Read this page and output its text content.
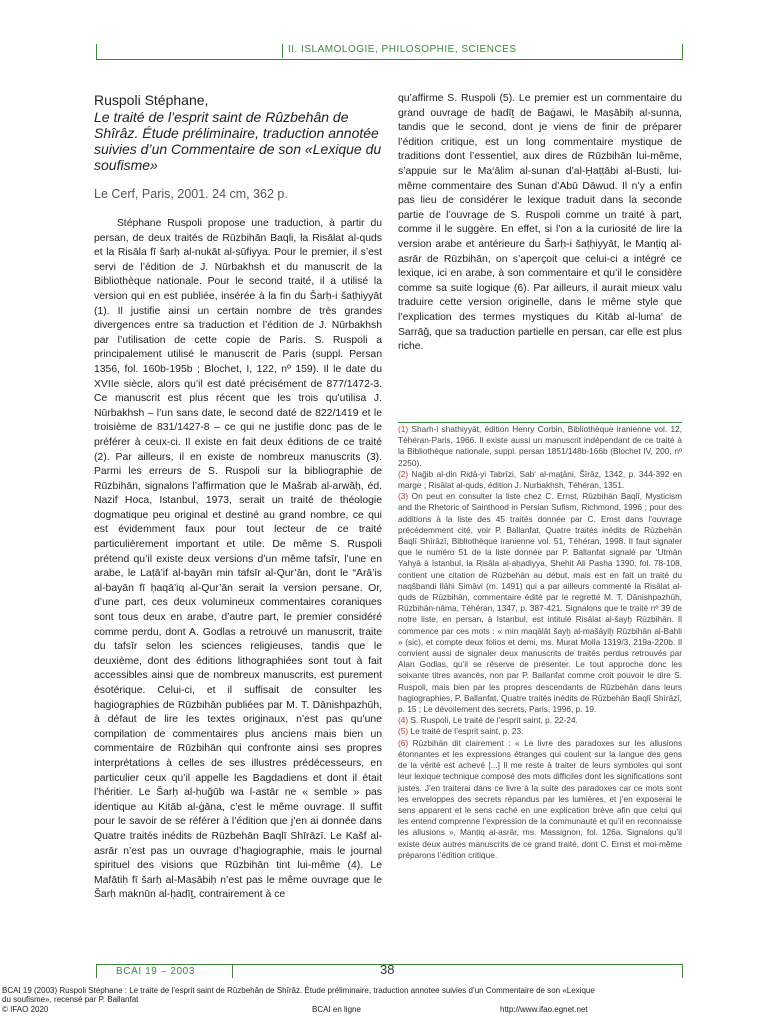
II. ISLAMOLOGIE, PHILOSOPHIE, SCIENCES
Ruspoli Stéphane,
Le traité de l’esprit saint de Rûzbehân de Shîrâz. Étude préliminaire, traduction annotée suivies d’un Commentaire de son «Lexique du soufisme»
Le Cerf, Paris, 2001. 24 cm, 362 p.

Stéphane Ruspoli propose une traduction, à partir du persan, de deux traités de Rūzbihān Baqli, la Risālat al-quds et la Risāla fī šarḥ al-nukāt al-ṣūfiyya. Pour le premier, il s’est servi de l’édition de J. Nūrbakhsh et du manuscrit de la Bibliothèque nationale. Pour le second traité, il a utilisé la version qui en est publiée, insérée à la fin du Šarḥ-i šaṭḥiyyāt (1). Il justifie ainsi un certain nombre de très grandes divergences entre sa traduction et l’édition de J. Nūrbakhsh par l’utilisation de cette copie de Paris. S. Ruspoli a principalement utilisé le manuscrit de Paris (suppl. Persan 1356, fol. 160b-195b ; Blochet, I, 122, nº 159). Il le date du XVIIe siècle, alors qu’il est daté précisément de 877/1472-3. Ce manuscrit est plus récent que les trois qu’utilisa J. Nūrbakhsh – l’un sans date, le second daté de 822/1419 et le troisième de 831/1427-8 – ce qui ne justifie donc pas de le préférer à ceux-ci. Il existe en fait deux éditions de ce traité (2). Par ailleurs, il en existe de nombreux manuscrits (3). Parmi les erreurs de S. Ruspoli sur la bibliographie de Rūzbihān, signalons l’affirmation que le Mašrab al-arwāḥ, éd. Nazif Hoca, Istanbul, 1973, serait un traité de théologie dogmatique peu original et destiné au grand nombre, ce qui est évidemment faux pour tout lecteur de ce traité particulièrement important et utile. De même S. Ruspoli prétend qu’il existe deux versions d’un même tafsīr, l’une en arabe, le Laṭā’if al-bayān min tafsīr al-Qur’ān, dont le “Arā’is al-bayān fī ḥaqā’iq al-Qur’ān serait la version persane. Or, d’une part, ces deux volumineux commentaires coraniques sont tous deux en arabe, d’autre part, le premier considéré comme perdu, dont A. Godlas a retrouvé un manuscrit, traite du tafsīr selon les sciences religieuses, tandis que le deuxième, dont des éditions lithographiées sont tout à fait accessibles ainsi que de nombreux manuscrits, est purement ésotérique. Celui-ci, et il suffisait de consulter les hagiographies de Rūzbihān publiées par M. T. Dānishpazhūh, à défaut de lire les textes originaux, n’est pas qu’une compilation de commentaires plus anciens mais bien un commentaire de Rūzbihān qui confronte ainsi ses propres interprétations à celles de ses illustres prédécesseurs, en particulier ceux qu’il appelle les Bagdadiens et dont il était l’héritier. Le Šarḥ al-ḥuǧūb wa l-astār ne « semble » pas identique au Kitāb al-ġāna, c’est le même ouvrage. Il suffit pour le savoir de se référer à l’édition que j’en ai donnée dans Quatre traités inédits de Rūzbehān Baqlī Shīrāzī. Le Kašf al-asrār n’est pas un ouvrage d’hagiographie, mais le journal spirituel des visions que Rūzbihān tint lui-même (4). Le Mafātiḥ fī šarḥ al-Maṣābiḥ n’est pas le même ouvrage que le Šarḥ maknūn al-ḥadīṯ, contrairement à ce

qu’affirme S. Ruspoli (5). Le premier est un commentaire du grand ouvrage de ḥadīṯ de Baġawi, le Maṣābiḥ al-sunna, tandis que le second, dont je viens de finir de préparer l’édition critique, est un long commentaire mystique de traditions dont l’essentiel, aux dires de Rūzbihān lui-même, s’appuie sur le Ma‘ālim al-sunan d’al-Ḫaṭṭābi al-Busti, lui-même commentaire des Sunan d’Abū Dāwud. Il n’y a enfin pas lieu de considérer le lexique traduit dans la seconde partie de l’ouvrage de S. Ruspoli comme un traité à part, comme il le suggère. En effet, si l’on a la curiosité de lire la version arabe et antérieure du Šarḥ-i šaṭḥiyyāt, le Manṭiq al-asrār de Rūzbihān, on s’aperçoit que celui-ci a intégré ce lexique, ici en arabe, à son commentaire et qu’il le considère comme sa suite logique (6). Par ailleurs, il aurait mieux valu traduire cette version originelle, dans le même style que l’explication des termes mystiques du Kitāb al-luma‘ de Sarrāǧ, que sa traduction partielle en persan, car elle est plus riche.

(1) Sharh-i shathiyyāt, édition Henry Corbin, Bibliothèque iranienne vol. 12, Téhéran-Paris, 1966. Il existe aussi un manuscrit indépendant de ce traité à la Bibliothèque nationale, suppl. persan 1851/148b-166b (Blochet IV, 200, nº 2250).
(2) Naǧib al-din Riḍā-yi Tabrīzi, Sab‘ al-maṯāni, Šīrāz, 1342, p. 344-392 en marge ; Risālat al-quds, édition J. Nurbakhsh, Téhéran, 1351.
(3) On peut en consulter la liste chez C. Ernst, Rūzbihān Baqlī, Mysticism and the Rhetoric of Sainthood in Persian Sufism, Richmond, 1996 ; pour des additions à la liste des 45 traités donnée par C. Ernst dans l’ouvrage précédemment cité, voir P. Ballanfat, Quatre traités inédits de Rūzbehān Baqlī Shīrāzī, Bibliothèque iranienne vol. 51, Téhéran, 1998. Il faut signaler que le numéro 51 de la liste donnée par P. Ballanfat signalé par ‘Utmān Yahyā à Istanbul, la Risāla al-aḥadiyya, Shehit Ali Pasha 1390, fol. 78-108, contient une citation de Rūzbehān au début, mais est en fait un traité du naqšbandi Ilāhi Simāvi (m. 1491) qui a par ailleurs commenté la Risālat al-quds de Rūzbihān, commentaire édité par le regretté M. T. Dānishpazhūh, Rūzbihān-nāma, Téhéran, 1347, p. 387-421. Signalons que le traité nº 39 de notre liste, en persan, à Istanbul, est intitulé Risālat al-šayḫ Rūzbihān. Il commence par ces mots : « min maqālāt šayḫ al-mašāyiḫ Rūzbihān al-Baḥli » (sic), et compte deux folios et demi, ms. Murat Molla 1319/3, 219a-220b. Il convient aussi de signaler deux manuscrits de traités perdus retrouvés par Alan Godlas, qu’il se réserve de présenter. Le tout approche donc les soixante titres avancés, non par P. Ballanfat comme croit pouvoir le dire S. Ruspoli, mais bien par les propres descendants de Rūzbehān dans leurs hagiographies, P. Ballanfat, Quatre traités inédits de Rūzbehān Baqlī Shīrāzī, p. 15 ; Le dévoilement des secrets, Paris, 1996, p. 19.
(4) S. Ruspoli, Le traité de l’esprit saint, p. 22-24.
(5) Le traité de l’esprit saint, p. 23.
(6) Rūzbihān dit clairement : « Le livre des paradoxes sur les allusions étonnantes et les expressions étranges qui coulent sur la langue des gens de la vérité est achevé [...] Il me reste à traiter de leurs symboles qui sont leur lexique technique composé des mots difficiles dont les significations sont justes. J’en traiterai dans ce livre à la suite des paradoxes car ce mots sont les enveloppes des secrets répandus par les lumières, et j’en exposerai le sens apparent et le sens caché en une explication brève afin que celui qui les entend comprenne l’expression de la communauté et qu’il en reconnaisse les allusions », Manṭiq al-asrār, ms. Massignon, fol. 126a. Signalons qu’il existe deux autres manuscrits de ce grand traité, dont C. Ernst et moi-même préparons l’édition critique.
BCAI 19 – 2003	38
BCAI 19 (2003) Ruspoli Stéphane : Le traite de l’esprit saint de Rûzbehân de Shîrâz. Étude préliminaire, traduction annotee suivies d’un Commentaire de son «Lexique
du soufisme», recensé par P. Ballanfat
© IFAO 2020	BCAI en ligne	http://www.ifao.egnet.net
